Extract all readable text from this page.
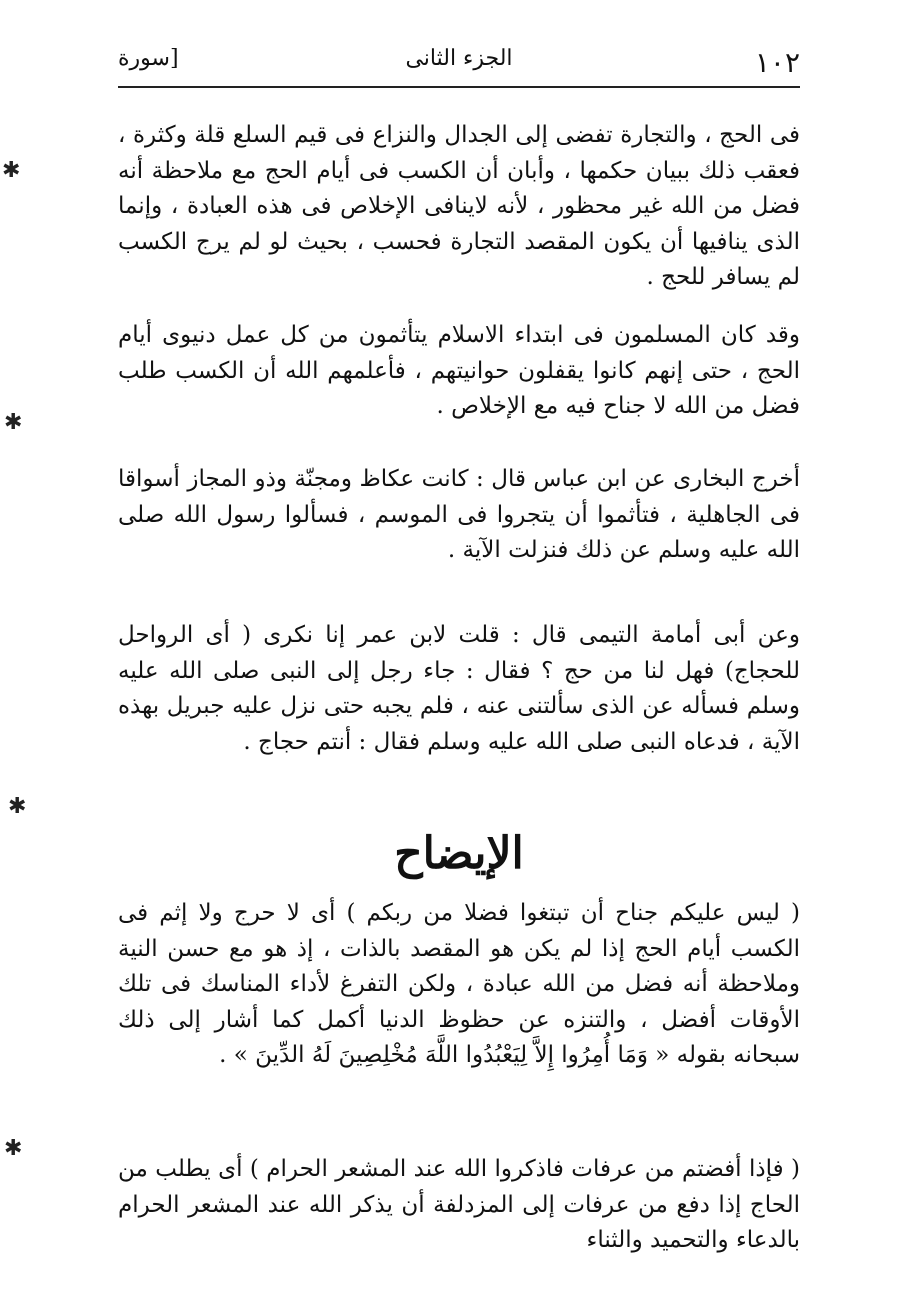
١٠٢
الجزء الثانى
[سورة

فى الحج ، والتجارة تفضى إلى الجدال والنزاع فى قيم السلع قلة وكثرة ، فعقب ذلك ببيان حكمها ، وأبان أن الكسب فى أيام الحج مع ملاحظة أنه فضل من الله غير محظور ، لأنه لاينافى الإخلاص فى هذه العبادة ، وإنما الذى ينافيها أن يكون المقصد التجارة فحسب ، بحيث لو لم يرج الكسب لم يسافر للحج .

وقد كان المسلمون فى ابتداء الاسلام يتأثمون من كل عمل دنيوى أيام الحج ، حتى إنهم كانوا يقفلون حوانيتهم ، فأعلمهم الله أن الكسب طلب فضل من الله لا جناح فيه مع الإخلاص .

أخرج البخارى عن ابن عباس قال : كانت عكاظ ومجنّة وذو المجاز أسواقا فى الجاهلية ، فتأثموا أن يتجروا فى الموسم ، فسألوا رسول الله صلى الله عليه وسلم عن ذلك فنزلت الآية .

وعن أبى أمامة التيمى قال : قلت لابن عمر إنا نكرى ( أى الرواحل للحجاج) فهل لنا من حج ؟ فقال : جاء رجل إلى النبى صلى الله عليه وسلم فسأله عن الذى سألتنى عنه ، فلم يجبه حتى نزل عليه جبريل بهذه الآية ، فدعاه النبى صلى الله عليه وسلم فقال : أنتم حجاج .

الإيضاح

( ليس عليكم جناح أن تبتغوا فضلا من ربكم ) أى لا حرج ولا إثم فى الكسب أيام الحج إذا لم يكن هو المقصد بالذات ، إذ هو مع حسن النية وملاحظة أنه فضل من الله عبادة ، ولكن التفرغ لأداء المناسك فى تلك الأوقات أفضل ، والتنزه عن حظوظ الدنيا أكمل كما أشار إلى ذلك سبحانه بقوله « وَمَا أُمِرُوا إِلاَّ لِيَعْبُدُوا اللَّهَ مُخْلِصِينَ لَهُ الدِّينَ » .

( فإذا أفضتم من عرفات فاذكروا الله عند المشعر الحرام ) أى يطلب من الحاج إذا دفع من عرفات إلى المزدلفة أن يذكر الله عند المشعر الحرام بالدعاء والتحميد والثناء

✱
✱
✱
✱
